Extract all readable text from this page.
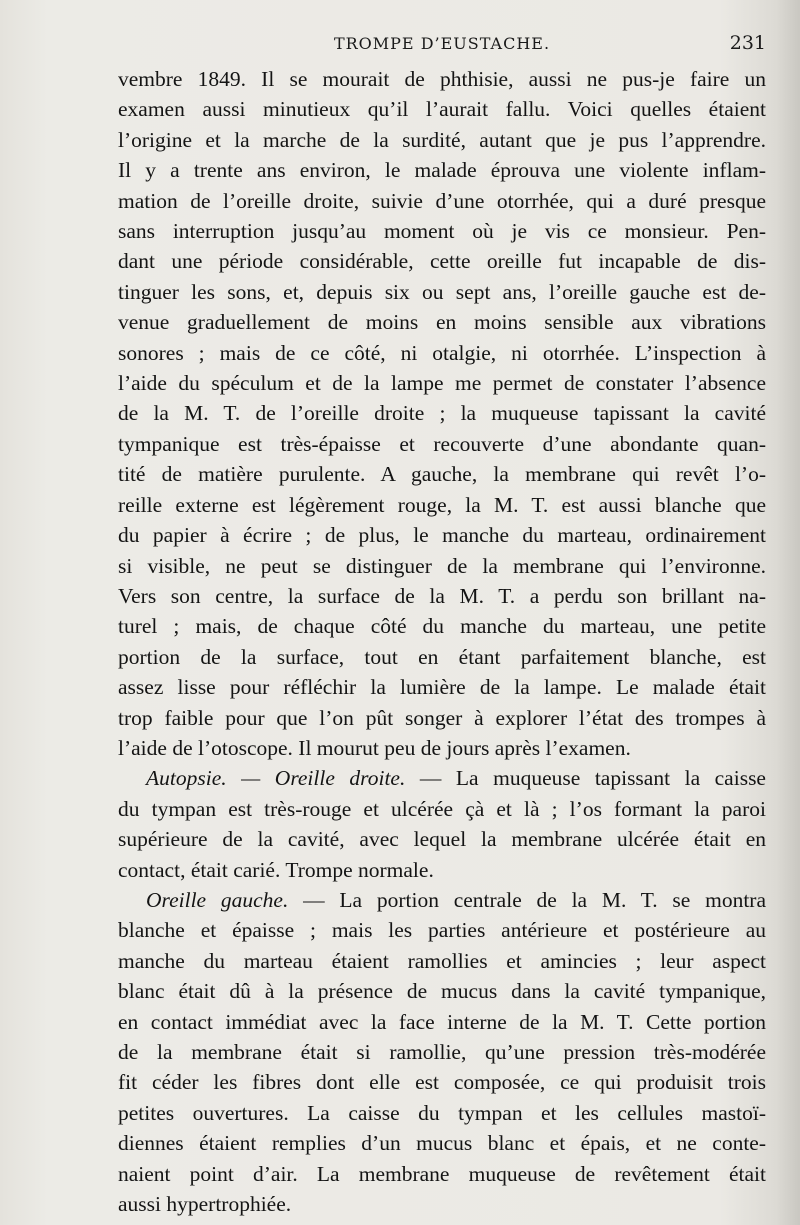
TROMPE D’EUSTACHE.	231

vembre 1849. Il se mourait de phthisie, aussi ne pus-je faire un

examen aussi minutieux qu’il l’aurait fallu. Voici quelles étaient

l’origine et la marche de la surdité, autant que je pus l’apprendre.

Il y a trente ans environ, le malade éprouva une violente inflam-

mation de l’oreille droite, suivie d’une otorrhée, qui a duré presque

sans interruption jusqu’au moment où je vis ce monsieur. Pen-

dant une période considérable, cette oreille fut incapable de dis-

tinguer les sons, et, depuis six ou sept ans, l’oreille gauche est de-

venue graduellement de moins en moins sensible aux vibrations

sonores ; mais de ce côté, ni otalgie, ni otorrhée. L’inspection à

l’aide du spéculum et de la lampe me permet de constater l’absence

de la M. T. de l’oreille droite ; la muqueuse tapissant la cavité

tympanique est très-épaisse et recouverte d’une abondante quan-

tité de matière purulente. A gauche, la membrane qui revêt l’o-

reille externe est légèrement rouge, la M. T. est aussi blanche que

du papier à écrire ; de plus, le manche du marteau, ordinairement

si visible, ne peut se distinguer de la membrane qui l’environne.

Vers son centre, la surface de la M. T. a perdu son brillant na-

turel ; mais, de chaque côté du manche du marteau, une petite

portion de la surface, tout en étant parfaitement blanche, est

assez lisse pour réfléchir la lumière de la lampe. Le malade était

trop faible pour que l’on pût songer à explorer l’état des trompes à

l’aide de l’otoscope. Il mourut peu de jours après l’examen.

Autopsie. — Oreille droite. — La muqueuse tapissant la caisse

du tympan est très-rouge et ulcérée çà et là ; l’os formant la paroi

supérieure de la cavité, avec lequel la membrane ulcérée était en

contact, était carié. Trompe normale.

Oreille gauche. — La portion centrale de la M. T. se montra

blanche et épaisse ; mais les parties antérieure et postérieure au

manche du marteau étaient ramollies et amincies ; leur aspect

blanc était dû à la présence de mucus dans la cavité tympanique,

en contact immédiat avec la face interne de la M. T. Cette portion

de la membrane était si ramollie, qu’une pression très-modérée

fit céder les fibres dont elle est composée, ce qui produisit trois

petites ouvertures. La caisse du tympan et les cellules mastoï-

diennes étaient remplies d’un mucus blanc et épais, et ne conte-

naient point d’air. La membrane muqueuse de revêtement était

aussi hypertrophiée.
